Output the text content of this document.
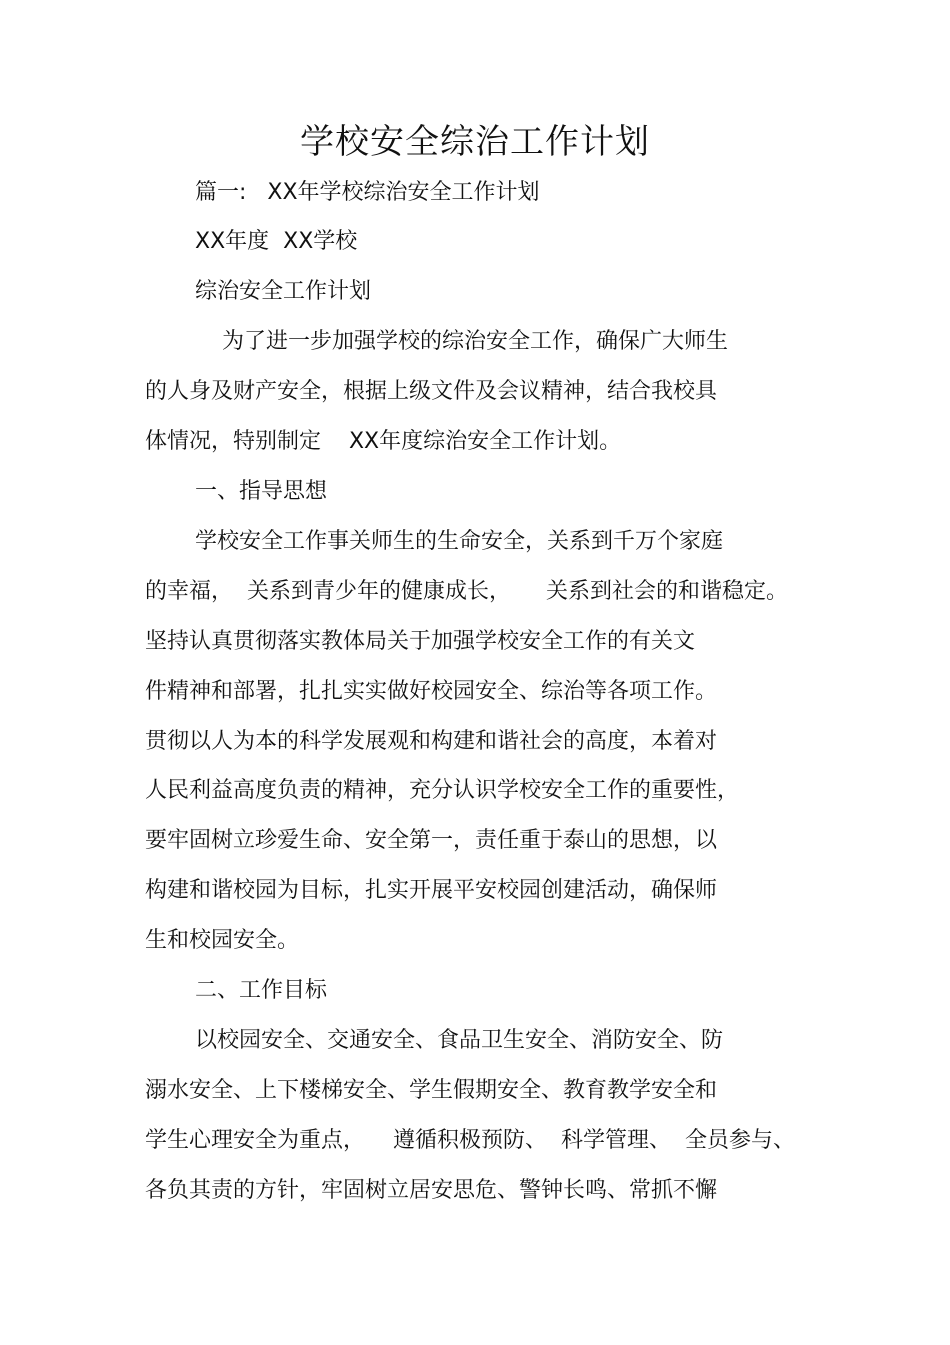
学校安全综治工作计划
篇一:   XX年学校综治安全工作计划
XX年度  XX学校
综治安全工作计划
为了进一步加强学校的综治安全工作，确保广大师生
的人身及财产安全，根据上级文件及会议精神，结合我校具
体情况，特别制定    XX年度综治安全工作计划。
一、指导思想
学校安全工作事关师生的生命安全，关系到千万个家庭
的幸福，  关系到青少年的健康成长，     关系到社会的和谐稳定。
坚持认真贯彻落实教体局关于加强学校安全工作的有关文
件精神和部署，扎扎实实做好校园安全、综治等各项工作。
贯彻以人为本的科学发展观和构建和谐社会的高度，本着对
人民利益高度负责的精神，充分认识学校安全工作的重要性，
要牢固树立珍爱生命、安全第一，责任重于泰山的思想，以
构建和谐校园为目标，扎实开展平安校园创建活动，确保师
生和校园安全。
二、工作目标
以校园安全、交通安全、食品卫生安全、消防安全、防
溺水安全、上下楼梯安全、学生假期安全、教育教学安全和
学生心理安全为重点，    遵循积极预防、  科学管理、  全员参与、
各负其责的方针，牢固树立居安思危、警钟长鸣、常抓不懈
